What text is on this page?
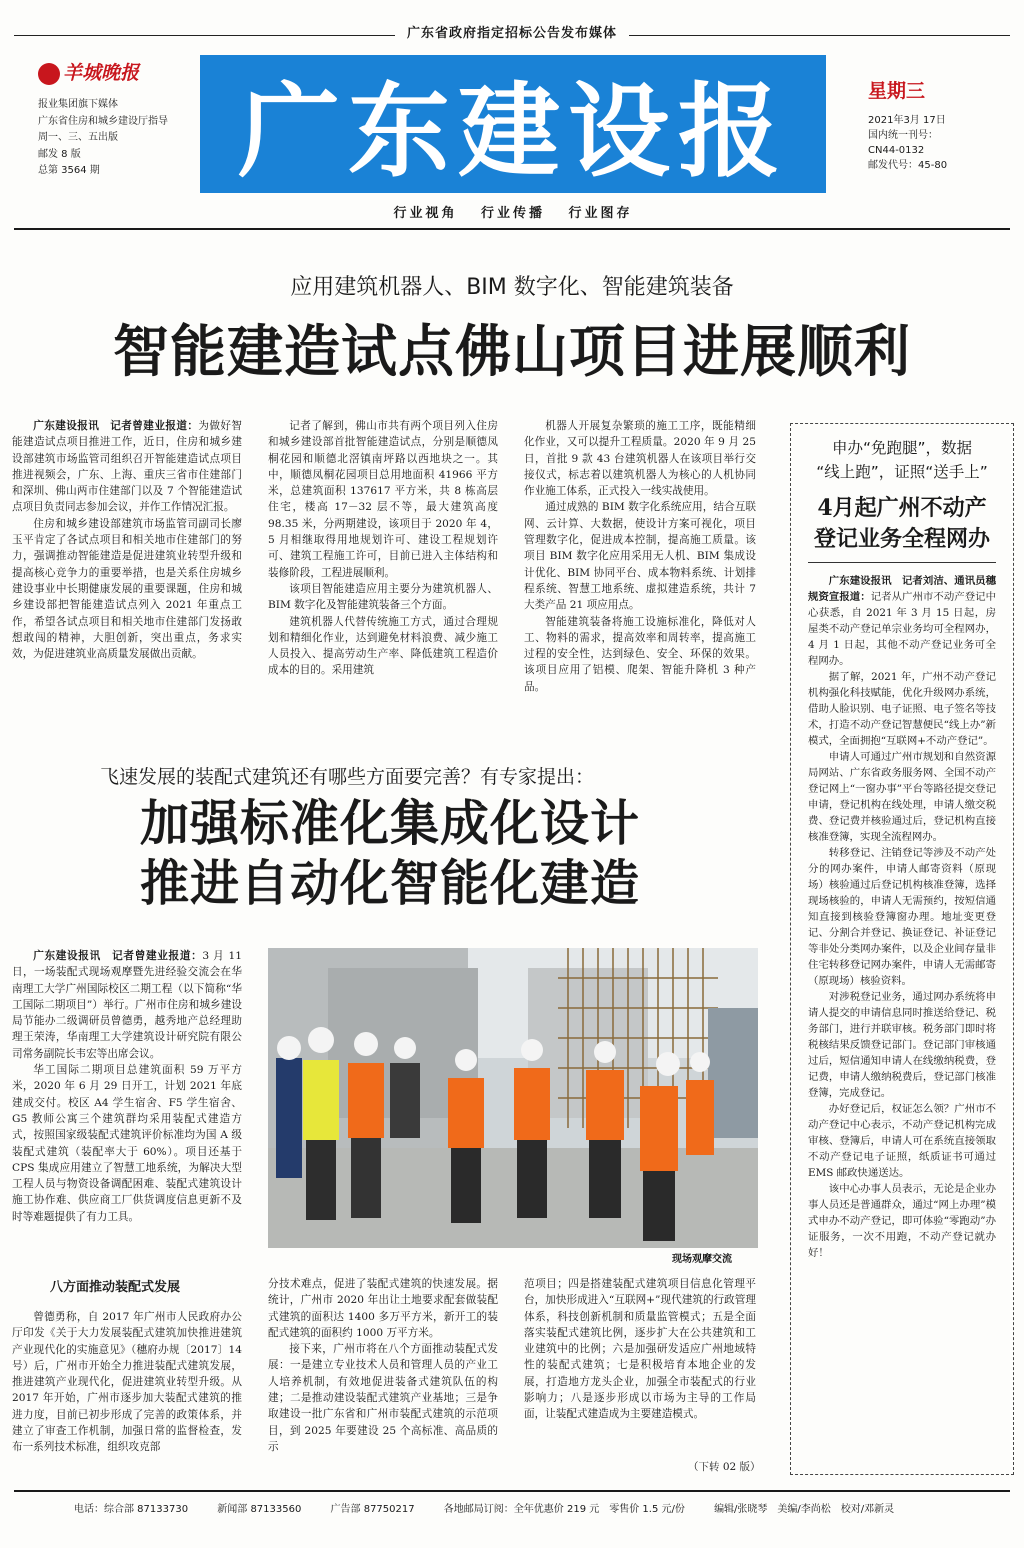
广东省政府指定招标公告发布媒体
羊城晚报
报业集团旗下媒体
广东省住房和城乡建设厅指导
周一、三、五出版
邮发 8 版
总第 3564 期	广东建设报	星期三
2021年3月 17日
国内统一刊号：
CN44-0132
邮发代号：45-80
行业视角 行业传播 行业图存
应用建筑机器人、BIM 数字化、智能建筑装备
智能建造试点佛山项目进展顺利

广东建设报讯　记者曾建业报道：为做好智能建造试点项目推进工作，近日，住房和城乡建设部建筑市场监管司组织召开智能建造试点项目推进视频会，广东、上海、重庆三省市住建部门和深圳、佛山两市住建部门以及 7 个智能建造试点项目负责同志参加会议，并作工作情况汇报。

住房和城乡建设部建筑市场监管司副司长廖玉平肯定了各试点项目和相关地市住建部门的努力，强调推动智能建造是促进建筑业转型升级和提高核心竞争力的重要举措，也是关系住房城乡建设事业中长期健康发展的重要课题，住房和城乡建设部把智能建造试点列入 2021 年重点工作，希望各试点项目和相关地市住建部门发扬敢想敢闯的精神，大胆创新，突出重点，务求实效，为促进建筑业高质量发展做出贡献。

记者了解到，佛山市共有两个项目列入住房和城乡建设部首批智能建造试点，分别是顺德凤桐花园和顺德北滘镇南坪路以西地块之一。其中，顺德凤桐花园项目总用地面积 41966 平方米，总建筑面积 137617 平方米，共 8 栋高层住宅，楼高 17－32 层不等，最大建筑高度 98.35 米，分两期建设，该项目于 2020 年 4，5 月相继取得用地规划许可、建设工程规划许可、建筑工程施工许可，目前已进入主体结构和装修阶段，工程进展顺利。

该项目智能建造应用主要分为建筑机器人、BIM 数字化及智能建筑装备三个方面。

建筑机器人代替传统施工方式，通过合理规划和精细化作业，达到避免材料浪费、减少施工人员投入、提高劳动生产率、降低建筑工程造价成本的目的。采用建筑

机器人开展复杂繁琐的施工工序，既能精细化作业，又可以提升工程质量。2020 年 9 月 25 日，首批 9 款 43 台建筑机器人在该项目举行交接仪式，标志着以建筑机器人为核心的人机协同作业施工体系，正式投入一线实战使用。

通过成熟的 BIM 数字化系统应用，结合互联网、云计算、大数据，使设计方案可视化，项目管理数字化，促进成本控制，提高施工质量。该项目 BIM 数字化应用采用无人机、BIM 集成设计优化、BIM 协同平台、成本物料系统、计划排程系统、智慧工地系统、虚拟建造系统，共计 7 大类产品 21 项应用点。

智能建筑装备将施工设施标准化，降低对人工、物料的需求，提高效率和周转率，提高施工过程的安全性，达到绿色、安全、环保的效果。该项目应用了铝模、爬架、智能升降机 3 种产品。

申办“免跑腿”，数据
“线上跑”，证照“送手上”
4月起广州不动产
登记业务全程网办

广东建设报讯　记者刘洁、通讯员穗规资宣报道：记者从广州市不动产登记中心获悉，自 2021 年 3 月 15 日起，房屋类不动产登记单宗业务均可全程网办，4 月 1 日起，其他不动产登记业务可全程网办。

据了解，2021 年，广州不动产登记机构强化科技赋能，优化升级网办系统，借助人脸识别、电子证照、电子签名等技术，打造不动产登记智慧便民“线上办”新模式，全面拥抱“互联网+不动产登记”。

申请人可通过广州市规划和自然资源局网站、广东省政务服务网、全国不动产登记网上“一窗办事”平台等路径提交登记申请，登记机构在线处理，申请人缴交税费、登记费并核验通过后，登记机构直接核准登簿，实现全流程网办。

转移登记、注销登记等涉及不动产处分的网办案件，申请人邮寄资料（原现场）核验通过后登记机构核准登簿，选择现场核验的，申请人无需预约，按短信通知直接到核验登簿窗办理。地址变更登记、分割合并登记、换证登记、补证登记等非处分类网办案件，以及企业间存量非住宅转移登记网办案件，申请人无需邮寄（原现场）核验资料。

对涉税登记业务，通过网办系统将申请人提交的申请信息同时推送给登记、税务部门，进行并联审核。税务部门即时将税核结果反馈登记部门。登记部门审核通过后，短信通知申请人在线缴纳税费，登记费，申请人缴纳税费后，登记部门核准登簿，完成登记。

办好登记后，权证怎么领？广州市不动产登记中心表示，不动产登记机构完成审核、登簿后，申请人可在系统直接领取不动产登记电子证照，纸质证书可通过 EMS 邮政快递送达。

该中心办事人员表示，无论是企业办事人员还是普通群众，通过“网上办理”模式申办不动产登记，即可体验“零跑动”办证服务，一次不用跑，不动产登记就办好！

飞速发展的装配式建筑还有哪些方面要完善？有专家提出：
加强标准化集成化设计
推进自动化智能化建造

广东建设报讯　记者曾建业报道：3 月 11 日，一场装配式现场观摩暨先进经验交流会在华南理工大学广州国际校区二期工程（以下简称“华工国际二期项目”）举行。广州市住房和城乡建设局节能办二级调研员曾德勇，越秀地产总经理助理王荣涛，华南理工大学建筑设计研究院有限公司常务副院长韦宏等出席会议。

华工国际二期项目总建筑面积 59 万平方米，2020 年 6 月 29 日开工，计划 2021 年底建成交付。校区 A4 学生宿舍、F5 学生宿舍、G5 教师公寓三个建筑群均采用装配式建造方式，按照国家级装配式建筑评价标准均为国 A 级装配式建筑（装配率大于 60%）。项目还基于 CPS 集成应用建立了智慧工地系统，为解决大型工程人员与物资设备调配困难、装配式建筑设计施工协作难、供应商工厂供货调度信息更新不及时等难题提供了有力工具。

现场观摩交流
八方面推动装配式发展

曾德勇称，自 2017 年广州市人民政府办公厅印发《关于大力发展装配式建筑加快推进建筑产业现代化的实施意见》（穗府办规〔2017〕14 号）后，广州市开始全力推进装配式建筑发展，推进建筑产业现代化，促进建筑业转型升级。从 2017 年开始，广州市逐步加大装配式建筑的推进力度，目前已初步形成了完善的政策体系，并建立了审查工作机制，加强日常的监督检查，发布一系列技术标准，组织攻克部

分技术难点，促进了装配式建筑的快速发展。据统计，广州市 2020 年出让土地要求配套做装配式建筑的面积达 1400 多万平方米，新开工的装配式建筑的面积约 1000 万平方米。

接下来，广州市将在八个方面推动装配式发展：一是建立专业技术人员和管理人员的产业工人培养机制，有效地促进装备式建筑队伍的构建；二是推动建设装配式建筑产业基地；三是争取建设一批广东省和广州市装配式建筑的示范项目，到 2025 年要建设 25 个高标准、高品质的示

范项目；四是搭建装配式建筑项目信息化管理平台，加快形成进入“互联网+”现代建筑的行政管理体系，科技创新机制和质量监管模式；五是全面落实装配式建筑比例，逐步扩大在公共建筑和工业建筑中的比例；六是加强研发适应广州地域特性的装配式建筑；七是积极培育本地企业的发展，打造地方龙头企业，加强全市装配式的行业影响力；八是逐步形成以市场为主导的工作局面，让装配式建造成为主要建造模式。

（下转 02 版）
电话：综合部 87133730	新闻部 87133560	广告部 87750217	各地邮局订阅：全年优惠价 219 元　零售价 1.5 元/份	编辑/张晓琴　美编/李尚松　校对/邓新灵
